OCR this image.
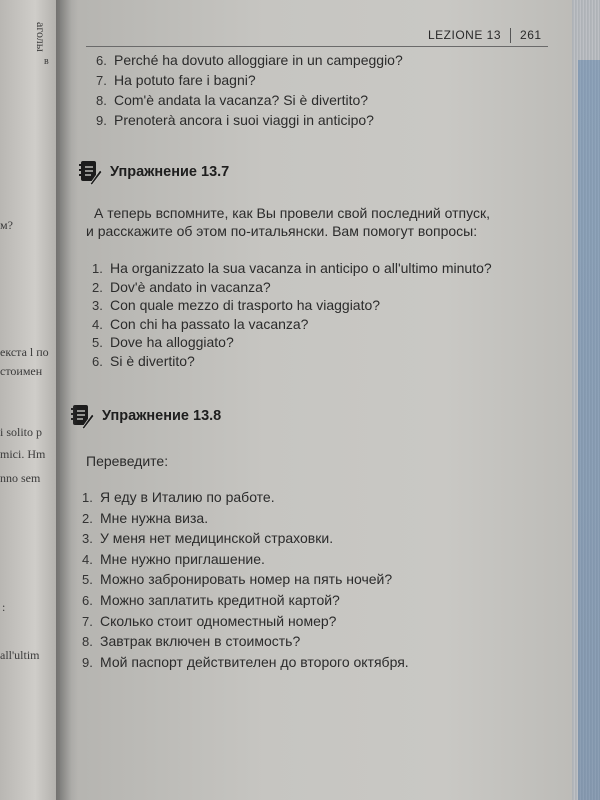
аголы
в
м?
екста l по
стоимен
i solito p
mici. Hm
nno sem
:
all'ultim
LEZIONE 13 261
6. Perché ha dovuto alloggiare in un campeggio?
7. Ha potuto fare i bagni?
8. Com'è andata la vacanza? Si è divertito?
9. Prenoterà ancora i suoi viaggi in anticipo?
Упражнение 13.7
А теперь вспомните, как Вы провели свой последний отпуск,
и расскажите об этом по-итальянски. Вам помогут вопросы:
1. Ha organizzato la sua vacanza in anticipo o all'ultimo minuto?
2. Dov'è andato in vacanza?
3. Con quale mezzo di trasporto ha viaggiato?
4. Con chi ha passato la vacanza?
5. Dove ha alloggiato?
6. Si è divertito?
Упражнение 13.8
Переведите:
1. Я еду в Италию по работе.
2. Мне нужна виза.
3. У меня нет медицинской страховки.
4. Мне нужно приглашение.
5. Можно забронировать номер на пять ночей?
6. Можно заплатить кредитной картой?
7. Сколько стоит одноместный номер?
8. Завтрак включен в стоимость?
9. Мой паспорт действителен до второго октября.
